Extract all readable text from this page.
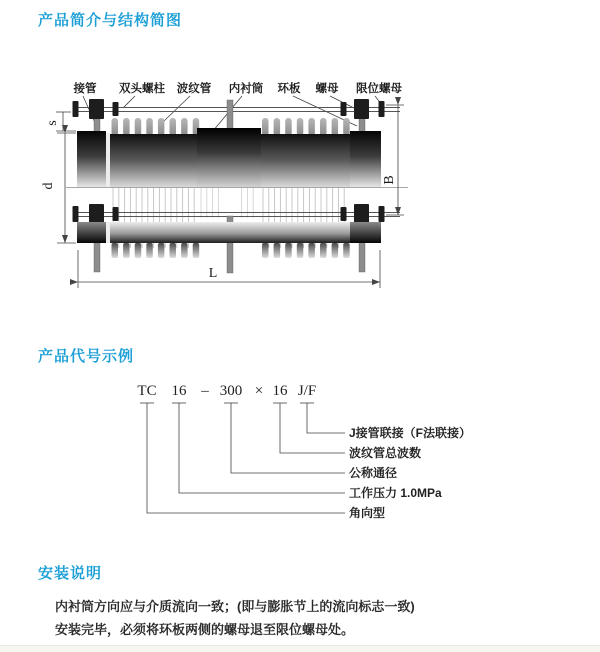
产品简介与结构简图
接管 双头螺柱 波纹管 内衬筒 环板 螺母 限位螺母
s
d
B
L
产品代号示例
TC 16 – 300 × 16 J/F
J接管联接（F法联接）
波纹管总波数
公称通径
工作压力 1.0MPa
角向型
安装说明

内衬筒方向应与介质流向一致；(即与膨胀节上的流向标志一致)

安装完毕，必须将环板两侧的螺母退至限位螺母处。
